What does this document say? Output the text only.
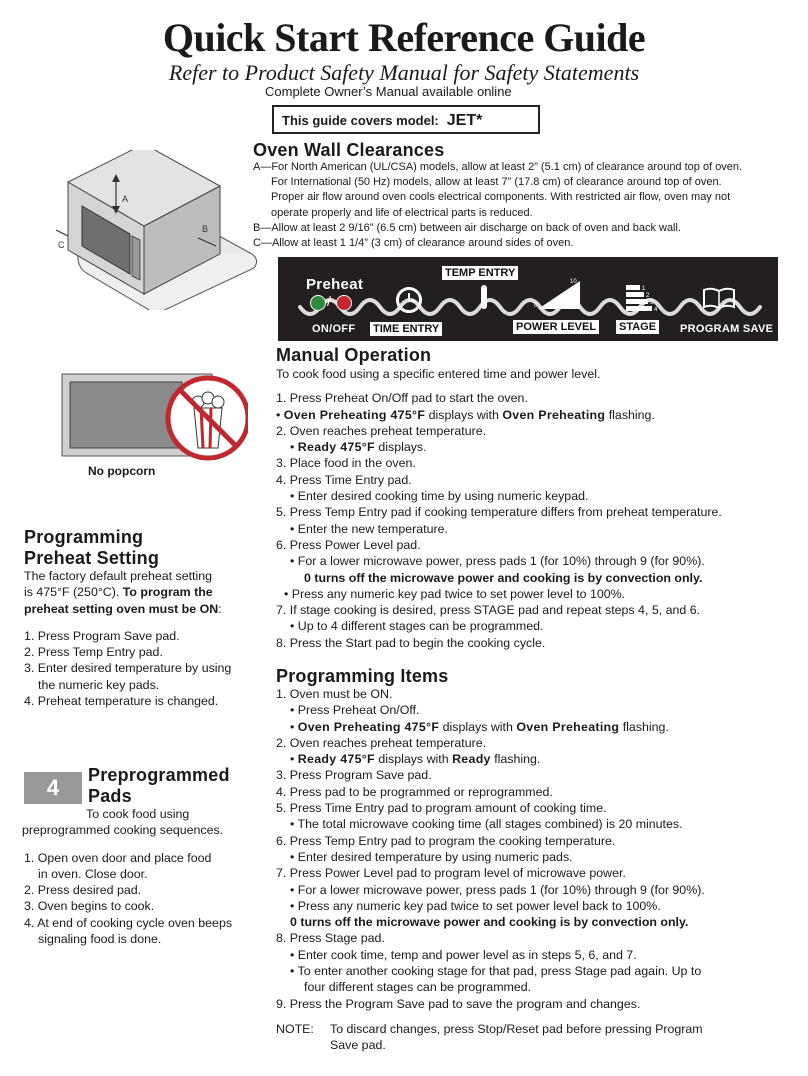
Quick Start Reference Guide
Refer to Product Safety Manual for Safety Statements
Complete Owner’s Manual available online
This guide covers model: JET*
A
B
C
Oven Wall Clearances
A—For North American (UL/CSA) models, allow at least 2” (5.1 cm) of clearance around top of oven.
For International (50 Hz) models, allow at least 7” (17.8 cm) of clearance around top of oven.
Proper air flow around oven cools electrical components. With restricted air flow, oven may not
operate properly and life of electrical parts is reduced.
B—Allow at least 2 9/16” (6.5 cm) between air discharge on back of oven and back wall.
C—Allow at least 1 1/4” (3 cm) of clearance around sides of oven.
Preheat
/
TEMP ENTRY
0
10
1
2
3
4
ON/OFF TIME ENTRY	POWER LEVEL STAGE PROGRAM SAVE
No popcorn
Programming
Preheat Setting
The factory default preheat setting
is 475°F (250°C). To program the
preheat setting oven must be ON:
1. Press Program Save pad.
2. Press Temp Entry pad.
3. Enter desired temperature by using
the numeric key pads.
4. Preheat temperature is changed.
4	Preprogrammed
Pads
To cook food using
preprogrammed cooking sequences.
1. Open oven door and place food
in oven. Close door.
2. Press desired pad.
3. Oven begins to cook.
4. At end of cooking cycle oven beeps
signaling food is done.
Manual Operation
To cook food using a specific entered time and power level.
1. Press Preheat On/Off pad to start the oven.
• Oven Preheating 475°F displays with Oven Preheating flashing.
2. Oven reaches preheat temperature.
• Ready 475°F displays.
3. Place food in the oven.
4. Press Time Entry pad.
• Enter desired cooking time by using numeric keypad.
5. Press Temp Entry pad if cooking temperature differs from preheat temperature.
• Enter the new temperature.
6. Press Power Level pad.
• For a lower microwave power, press pads 1 (for 10%) through 9 (for 90%).
0 turns off the microwave power and cooking is by convection only.
• Press any numeric key pad twice to set power level to 100%.
7. If stage cooking is desired, press STAGE pad and repeat steps 4, 5, and 6.
• Up to 4 different stages can be programmed.
8. Press the Start pad to begin the cooking cycle.
Programming Items
1. Oven must be ON.
• Press Preheat On/Off.
• Oven Preheating 475°F displays with Oven Preheating flashing.
2. Oven reaches preheat temperature.
• Ready 475°F displays with Ready flashing.
3. Press Program Save pad.
4. Press pad to be programmed or reprogrammed.
5. Press Time Entry pad to program amount of cooking time.
• The total microwave cooking time (all stages combined) is 20 minutes.
6. Press Temp Entry pad to program the cooking temperature.
• Enter desired temperature by using numeric pads.
7. Press Power Level pad to program level of microwave power.
• For a lower microwave power, press pads 1 (for 10%) through 9 (for 90%).
• Press any numeric key pad twice to set power level back to 100%.
0 turns off the microwave power and cooking is by convection only.
8. Press Stage pad.
• Enter cook time, temp and power level as in steps 5, 6, and 7.
• To enter another cooking stage for that pad, press Stage pad again. Up to
four different stages can be programmed.
9. Press the Program Save pad to save the program and changes.
NOTE:	To discard changes, press Stop/Reset pad before pressing Program
Save pad.
